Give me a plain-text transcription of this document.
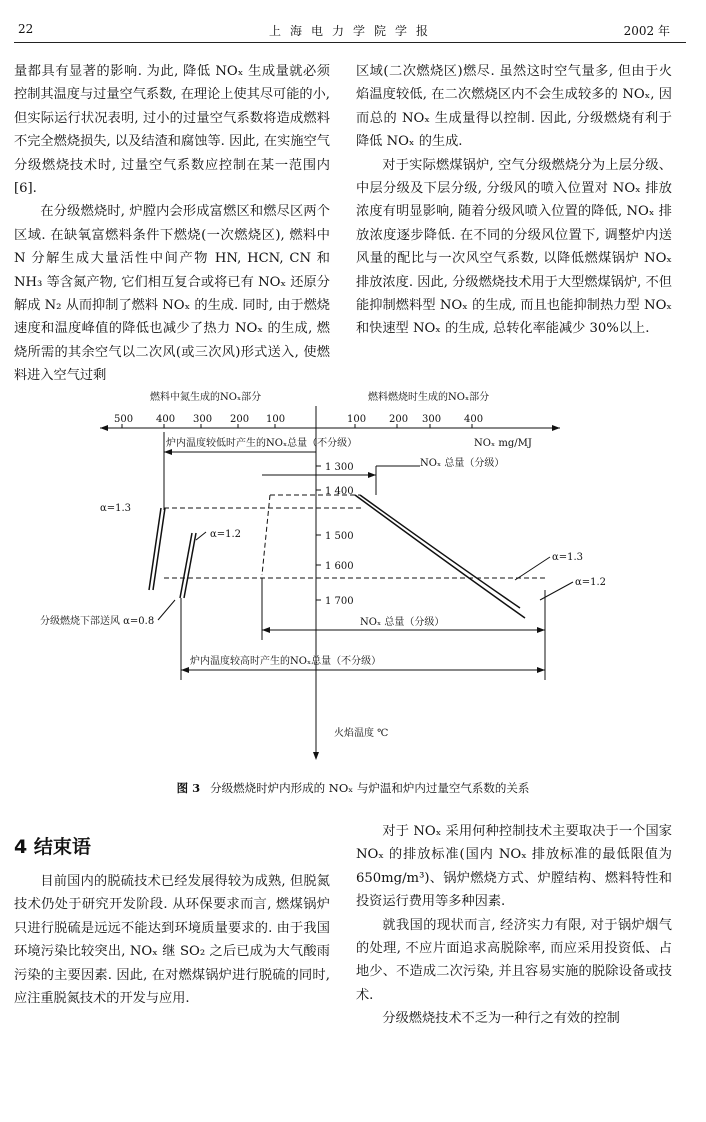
22	上海电力学院学报	2002 年

量都具有显著的影响. 为此, 降低 NOₓ 生成量就必须控制其温度与过量空气系数, 在理论上使其尽可能的小, 但实际运行状况表明, 过小的过量空气系数将造成燃料不完全燃烧损失, 以及结渣和腐蚀等. 因此, 在实施空气分级燃烧技术时, 过量空气系数应控制在某一范围内[6].

在分级燃烧时, 炉膛内会形成富燃区和燃尽区两个区域. 在缺氧富燃料条件下燃烧(一次燃烧区), 燃料中 N 分解生成大量活性中间产物 HN, HCN, CN 和 NH₃ 等含氮产物, 它们相互复合或将已有 NOₓ 还原分解成 N₂ 从而抑制了燃料 NOₓ 的生成. 同时, 由于燃烧速度和温度峰值的降低也减少了热力 NOₓ 的生成, 燃烧所需的其余空气以二次风(或三次风)形式送入, 使燃料进入空气过剩

区域(二次燃烧区)燃尽. 虽然这时空气量多, 但由于火焰温度较低, 在二次燃烧区内不会生成较多的 NOₓ, 因而总的 NOₓ 生成量得以控制. 因此, 分级燃烧有利于降低 NOₓ 的生成.

对于实际燃煤锅炉, 空气分级燃烧分为上层分级、中层分级及下层分级, 分级风的喷入位置对 NOₓ 排放浓度有明显影响, 随着分级风喷入位置的降低, NOₓ 排放浓度逐步降低. 在不同的分级风位置下, 调整炉内送风量的配比与一次风空气系数, 以降低燃煤锅炉 NOₓ 排放浓度. 因此, 分级燃烧技术用于大型燃煤锅炉, 不但能抑制燃料型 NOₓ 的生成, 而且也能抑制热力型 NOₓ 和快速型 NOₓ 的生成, 总转化率能减少 30%以上.

燃料中氮生成的NOₓ部分	燃料燃烧时生成的NOₓ部分
500 400 300 200 100	100 200 300 400
NOₓ mg/MJ
1 300
1 400
1 500
1 600
1 700
炉内温度较低时产生的NOₓ总量（不分级）
NOₓ 总量（分级）
α=1.3
α=1.2
α=1.3
α=1.2
分级燃烧下部送风 α=0.8	NOₓ 总量（分级）
炉内温度较高时产生的NOₓ总量（不分级）
火焰温度 ℃
图 3 分级燃烧时炉内形成的 NOₓ 与炉温和炉内过量空气系数的关系
4 结束语

目前国内的脱硫技术已经发展得较为成熟, 但脱氮技术仍处于研究开发阶段. 从环保要求而言, 燃煤锅炉只进行脱硫是远远不能达到环境质量要求的. 由于我国环境污染比较突出, NOₓ 继 SO₂ 之后已成为大气酸雨污染的主要因素. 因此, 在对燃煤锅炉进行脱硫的同时, 应注重脱氮技术的开发与应用.

对于 NOₓ 采用何种控制技术主要取决于一个国家 NOₓ 的排放标准(国内 NOₓ 排放标准的最低限值为 650mg/m³)、锅炉燃烧方式、炉膛结构、燃料特性和投资运行费用等多种因素.

就我国的现状而言, 经济实力有限, 对于锅炉烟气的处理, 不应片面追求高脱除率, 而应采用投资低、占地少、不造成二次污染, 并且容易实施的脱除设备或技术.

分级燃烧技术不乏为一种行之有效的控制
